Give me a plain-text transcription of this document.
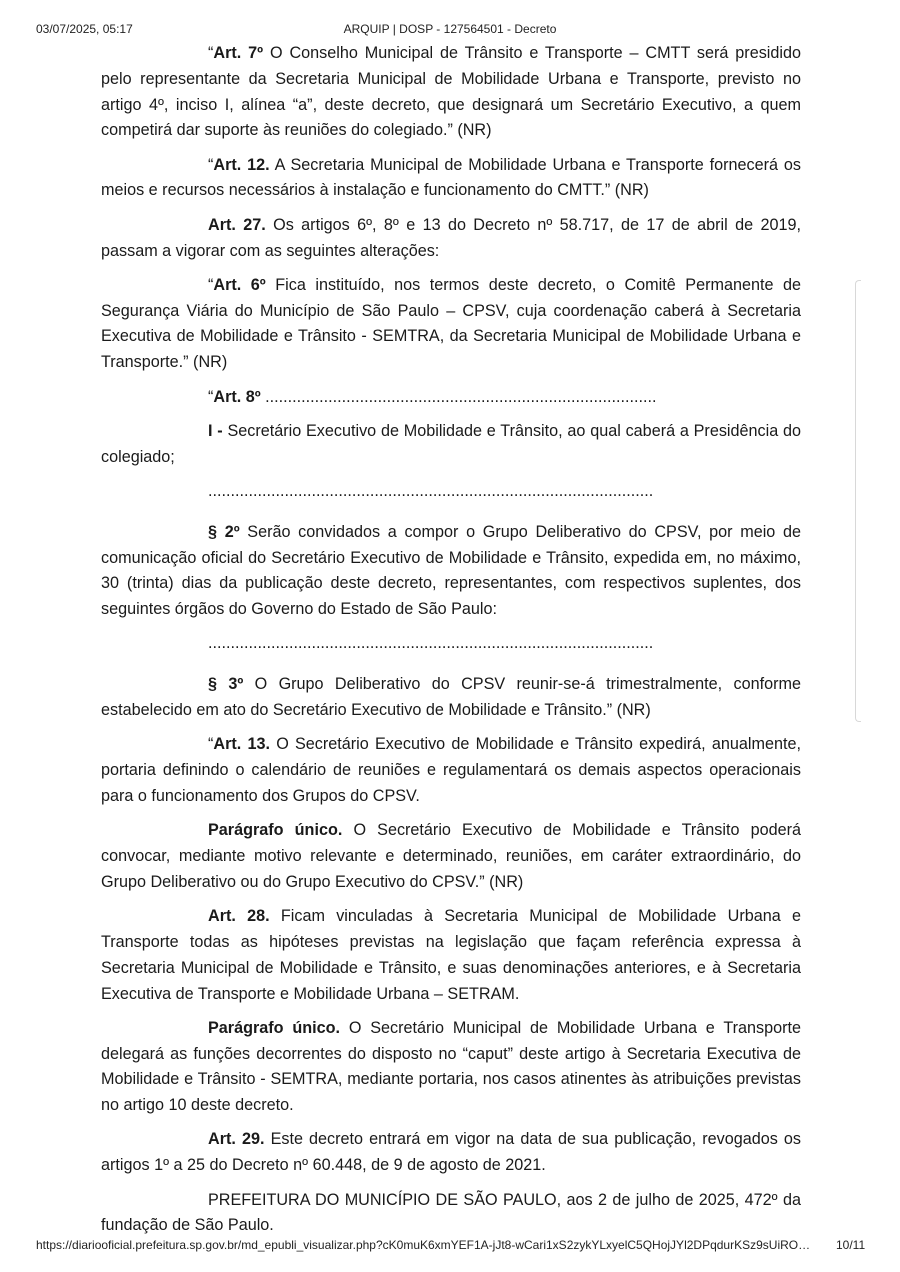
03/07/2025, 05:17	ARQUIP | DOSP - 127564501 - Decreto

“Art. 7º O Conselho Municipal de Trânsito e Transporte – CMTT será presidido pelo representante da Secretaria Municipal de Mobilidade Urbana e Transporte, previsto no artigo 4º, inciso I, alínea “a”, deste decreto, que designará um Secretário Executivo, a quem competirá dar suporte às reuniões do colegiado.” (NR)

“Art. 12. A Secretaria Municipal de Mobilidade Urbana e Transporte fornecerá os meios e recursos necessários à instalação e funcionamento do CMTT.” (NR)

Art. 27. Os artigos 6º, 8º e 13 do Decreto nº 58.717, de 17 de abril de 2019, passam a vigorar com as seguintes alterações:

“Art. 6º Fica instituído, nos termos deste decreto, o Comitê Permanente de Segurança Viária do Município de São Paulo – CPSV, cuja coordenação caberá à Secretaria Executiva de Mobilidade e Trânsito - SEMTRA, da Secretaria Municipal de Mobilidade Urbana e Transporte.” (NR)

“Art. 8º .......................................................................................

I - Secretário Executivo de Mobilidade e Trânsito, ao qual caberá a Presidência do colegiado;

...................................................................................................

§ 2º Serão convidados a compor o Grupo Deliberativo do CPSV, por meio de comunicação oficial do Secretário Executivo de Mobilidade e Trânsito, expedida em, no máximo, 30 (trinta) dias da publicação deste decreto, representantes, com respectivos suplentes, dos seguintes órgãos do Governo do Estado de São Paulo:

...................................................................................................

§ 3º O Grupo Deliberativo do CPSV reunir-se-á trimestralmente, conforme estabelecido em ato do Secretário Executivo de Mobilidade e Trânsito.” (NR)

“Art. 13. O Secretário Executivo de Mobilidade e Trânsito expedirá, anualmente, portaria definindo o calendário de reuniões e regulamentará os demais aspectos operacionais para o funcionamento dos Grupos do CPSV.

Parágrafo único. O Secretário Executivo de Mobilidade e Trânsito poderá convocar, mediante motivo relevante e determinado, reuniões, em caráter extraordinário, do Grupo Deliberativo ou do Grupo Executivo do CPSV.” (NR)

Art. 28. Ficam vinculadas à Secretaria Municipal de Mobilidade Urbana e Transporte todas as hipóteses previstas na legislação que façam referência expressa à Secretaria Municipal de Mobilidade e Trânsito, e suas denominações anteriores, e à Secretaria Executiva de Transporte e Mobilidade Urbana – SETRAM.

Parágrafo único. O Secretário Municipal de Mobilidade Urbana e Transporte delegará as funções decorrentes do disposto no “caput” deste artigo à Secretaria Executiva de Mobilidade e Trânsito - SEMTRA, mediante portaria, nos casos atinentes às atribuições previstas no artigo 10 deste decreto.

Art. 29. Este decreto entrará em vigor na data de sua publicação, revogados os artigos 1º a 25 do Decreto nº 60.448, de 9 de agosto de 2021.

PREFEITURA DO MUNICÍPIO DE SÃO PAULO, aos 2 de julho de 2025, 472º da fundação de São Paulo.

https://diariooficial.prefeitura.sp.gov.br/md_epubli_visualizar.php?cK0muK6xmYEF1A-jJt8-wCari1xS2zykYLxyelC5QHojJYl2DPqdurKSz9sUiRO… 10/11
